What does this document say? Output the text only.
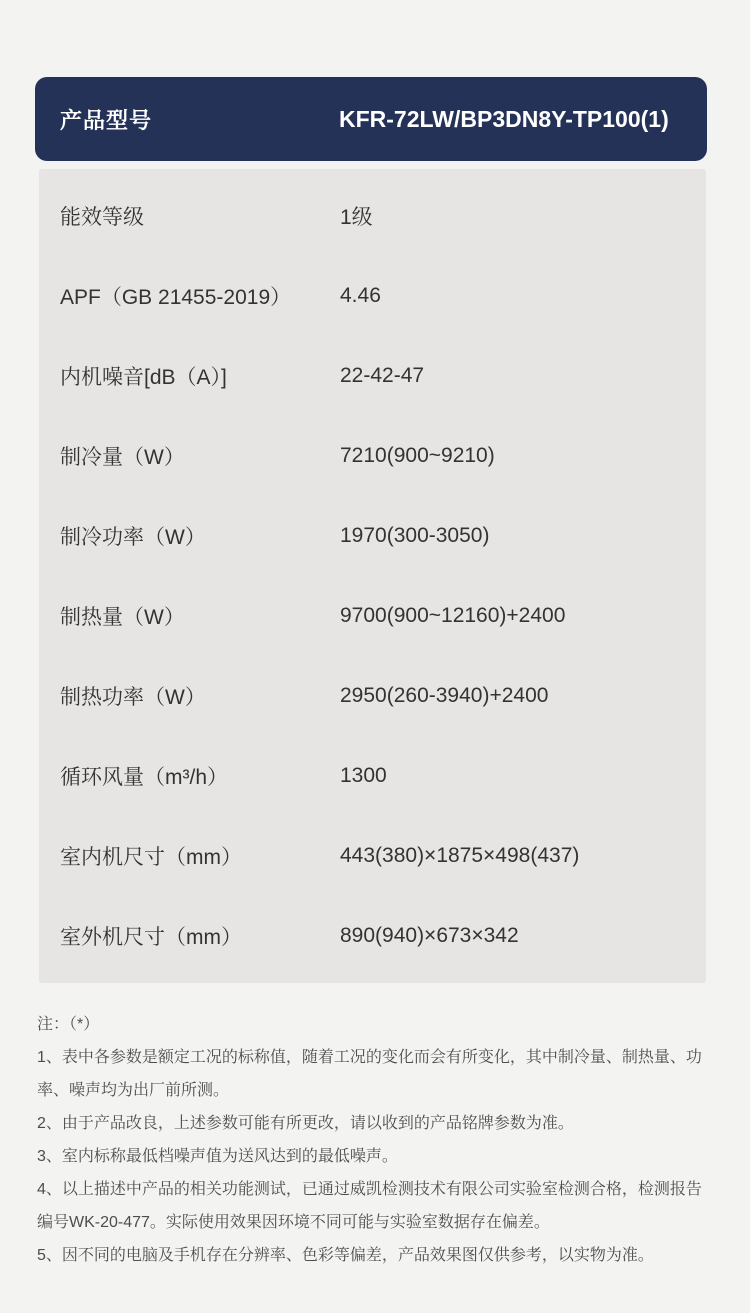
产品型号	KFR-72LW/BP3DN8Y-TP100(1)
能效等级	1级
APF（GB 21455-2019）	4.46
内机噪音[dB（A）]	22-42-47
制冷量（W）	7210(900~9210)
制冷功率（W）	1970(300-3050)
制热量（W）	9700(900~12160)+2400
制热功率（W）	2950(260-3940)+2400
循环风量（m³/h）	1300
室内机尺寸（mm）	443(380)×1875×498(437)
室外机尺寸（mm）	890(940)×673×342

注：（*）

1、表中各参数是额定工况的标称值，随着工况的变化而会有所变化，其中制冷量、制热量、功率、噪声均为出厂前所测。

2、由于产品改良，上述参数可能有所更改，请以收到的产品铭牌参数为准。

3、室内标称最低档噪声值为送风达到的最低噪声。

4、以上描述中产品的相关功能测试，已通过威凯检测技术有限公司实验室检测合格，检测报告编号WK-20-477。实际使用效果因环境不同可能与实验室数据存在偏差。

5、因不同的电脑及手机存在分辨率、色彩等偏差，产品效果图仅供参考，以实物为准。
